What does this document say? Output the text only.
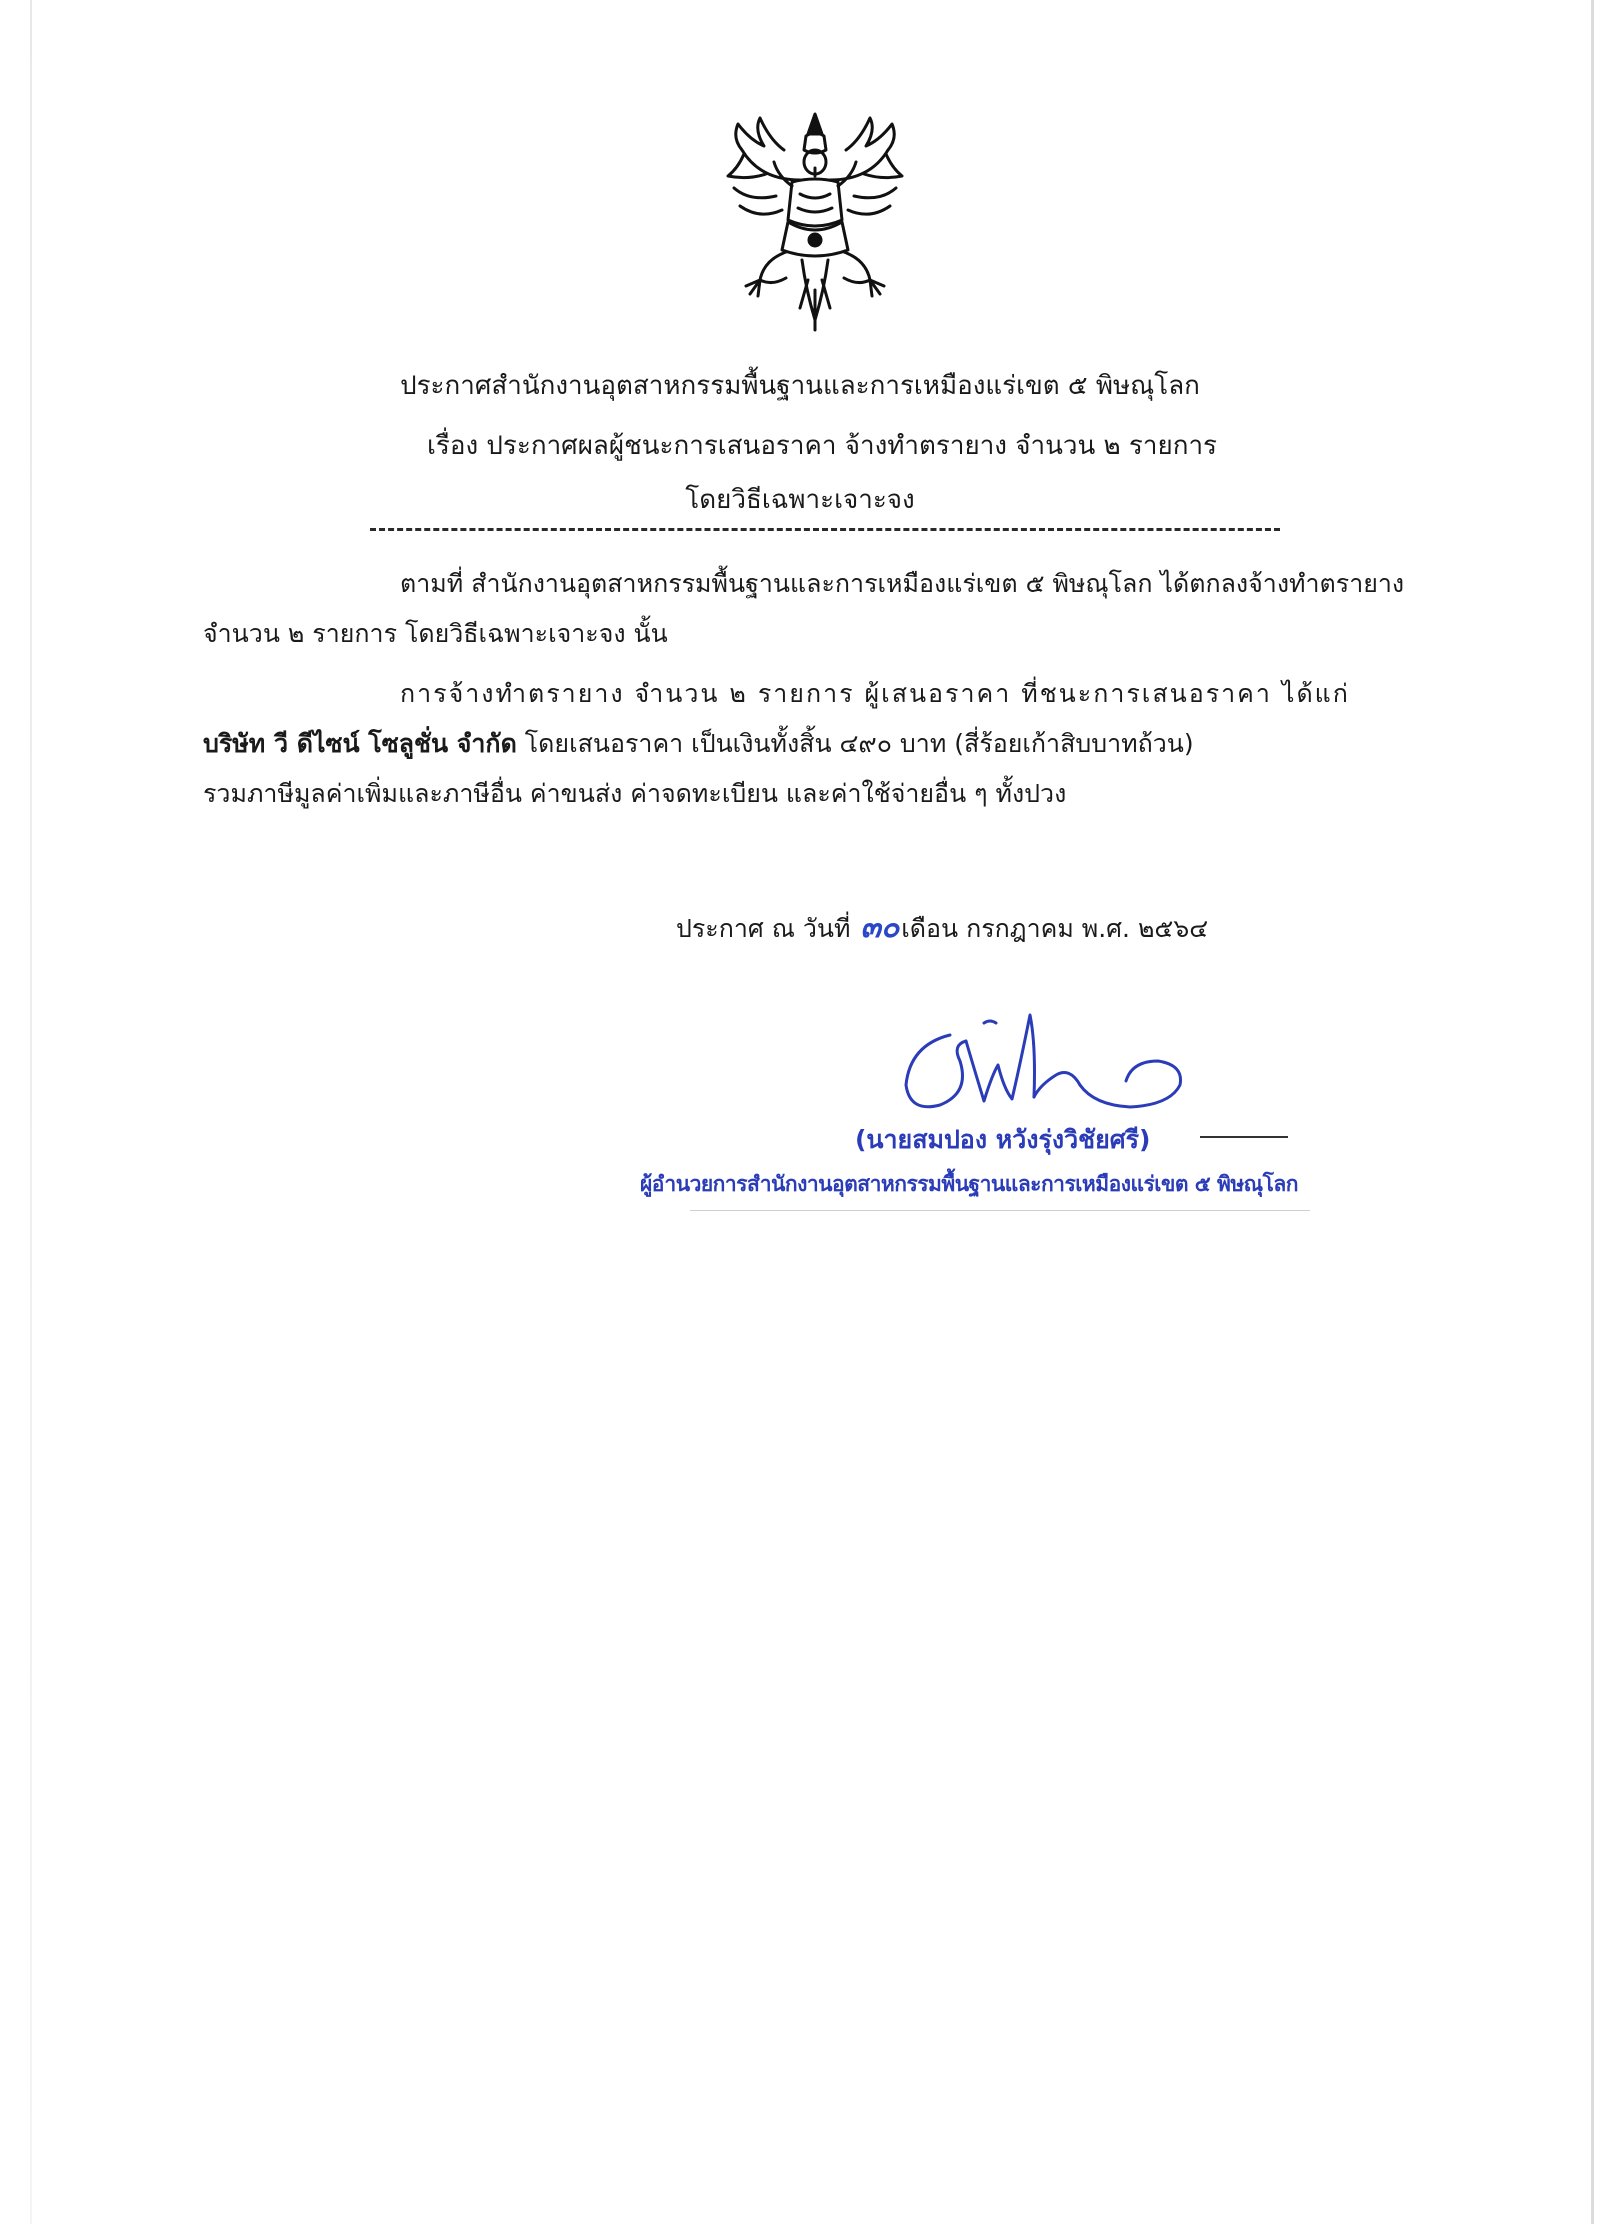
ประกาศสำนักงานอุตสาหกรรมพื้นฐานและการเหมืองแร่เขต ๕ พิษณุโลก
เรื่อง ประกาศผลผู้ชนะการเสนอราคา จ้างทำตรายาง จำนวน ๒ รายการ
โดยวิธีเฉพาะเจาะจง
ตามที่ สำนักงานอุตสาหกรรมพื้นฐานและการเหมืองแร่เขต ๕ พิษณุโลก ได้ตกลงจ้างทำตรายาง
จำนวน ๒ รายการ โดยวิธีเฉพาะเจาะจง นั้น
การจ้างทำตรายาง จำนวน ๒ รายการ ผู้เสนอราคา ที่ชนะการเสนอราคา ได้แก่
บริษัท วี ดีไซน์ โซลูชั่น จำกัด โดยเสนอราคา เป็นเงินทั้งสิ้น ๔๙๐ บาท (สี่ร้อยเก้าสิบบาทถ้วน)
รวมภาษีมูลค่าเพิ่มและภาษีอื่น ค่าขนส่ง ค่าจดทะเบียน และค่าใช้จ่ายอื่น ๆ ทั้งปวง
ประกาศ ณ วันที่ ๓๐เดือน กรกฎาคม พ.ศ. ๒๕๖๔
(นายสมปอง หวังรุ่งวิชัยศรี)
ผู้อำนวยการสำนักงานอุตสาหกรรมพื้นฐานและการเหมืองแร่เขต ๕ พิษณุโลก
